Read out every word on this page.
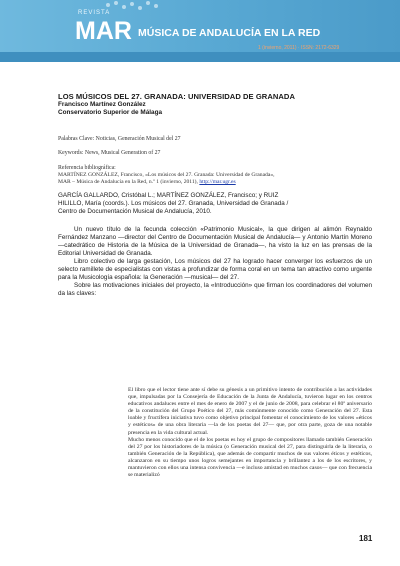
REVISTA
MAR MÚSICA DE ANDALUCÍA EN LA RED
1 (invierno, 2011) · ISSN: 2172-6329
LOS MÚSICOS DEL 27. GRANADA: UNIVERSIDAD DE GRANADA
Francisco Martínez González
Conservatorio Superior de Málaga
Palabras Clave: Noticias, Generación Musical del 27
Keywords: News, Musical Generation of 27
Referencia bibliográfica:
MARTÍNEZ GONZÁLEZ, Francisco, «Los músicos del 27. Granada: Universidad de Granada»,
MAR – Música de Andalucía en la Red, n.º 1 (invierno, 2011), http://mar.ugr.es
GARCÍA GALLARDO, Cristóbal L.; MARTÍNEZ GONZÁLEZ, Francisco; y RUIZ
HILILLO, María (coords.). Los músicos del 27. Granada, Universidad de Granada /
Centro de Documentación Musical de Andalucía, 2010.

Un nuevo título de la fecunda colección «Patrimonio Musical», la que dirigen al alimón Reynaldo Fernández Manzano —director del Centro de Documentación Musical de Andalucía— y Antonio Martín Moreno —catedrático de Historia de la Música de la Universidad de Granada—, ha visto la luz en las prensas de la Editorial Universidad de Granada.

Libro colectivo de larga gestación, Los músicos del 27 ha logrado hacer converger los esfuerzos de un selecto ramillete de especialistas con vistas a profundizar de forma coral en un tema tan atractivo como urgente para la Musicología española: la Generación —musical— del 27.

Sobre las motivaciones iniciales del proyecto, la «Introducción» que firman los coordinadores del volumen da las claves:

El libro que el lector tiene ante sí debe su génesis a un primitivo intento de contribución a las actividades que, impulsadas por la Consejería de Educación de la Junta de Andalucía, tuvieron lugar en los centros educativos andaluces entre el mes de enero de 2007 y el de junio de 2008, para celebrar el 80º aniversario de la constitución del Grupo Poético del 27, más comúnmente conocido como Generación del 27. Esta loable y fructífera iniciativa tuvo como objetivo principal fomentar el conocimiento de los valores «éticos y estéticos» de una obra literaria —la de los poetas del 27— que, por otra parte, goza de una notable presencia en la vida cultural actual.

Mucho menos conocido que el de los poetas es hoy el grupo de compositores llamado también Generación del 27 por los historiadores de la música (o Generación musical del 27, para distinguirla de la literaria, o también Generación de la República), que además de compartir muchos de sus valores éticos y estéticos, alcanzaron en su tiempo unos logros semejantes en importancia y brillantez a los de los escritores, y mantuvieron con ellos una intensa convivencia —e incluso amistad en muchos casos— que con frecuencia se materializó

181
